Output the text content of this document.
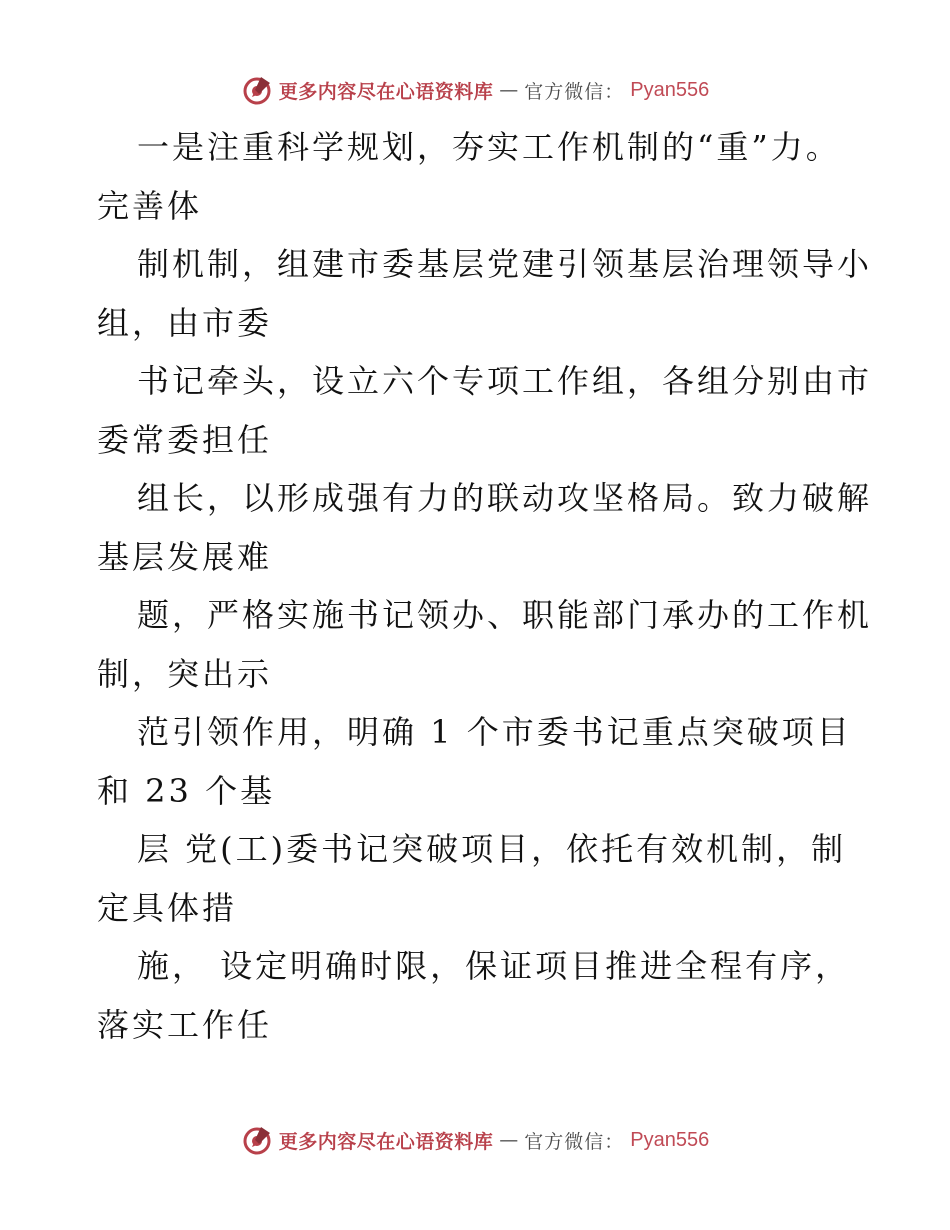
更多内容尽在心语资料库 — 官方微信： Pyan556
一是注重科学规划，夯实工作机制的“重”力。
完善体
制机制，组建市委基层党建引领基层治理领导小
组，由市委
书记牵头，设立六个专项工作组，各组分别由市
委常委担任
组长，以形成强有力的联动攻坚格局。致力破解
基层发展难
题，严格实施书记领办、职能部门承办的工作机
制，突出示
范引领作用，明确 1 个市委书记重点突破项目
和 23 个基
层 党(工)委书记突破项目，依托有效机制，制
定具体措
施， 设定明确时限，保证项目推进全程有序，
落实工作任
更多内容尽在心语资料库 — 官方微信： Pyan556
